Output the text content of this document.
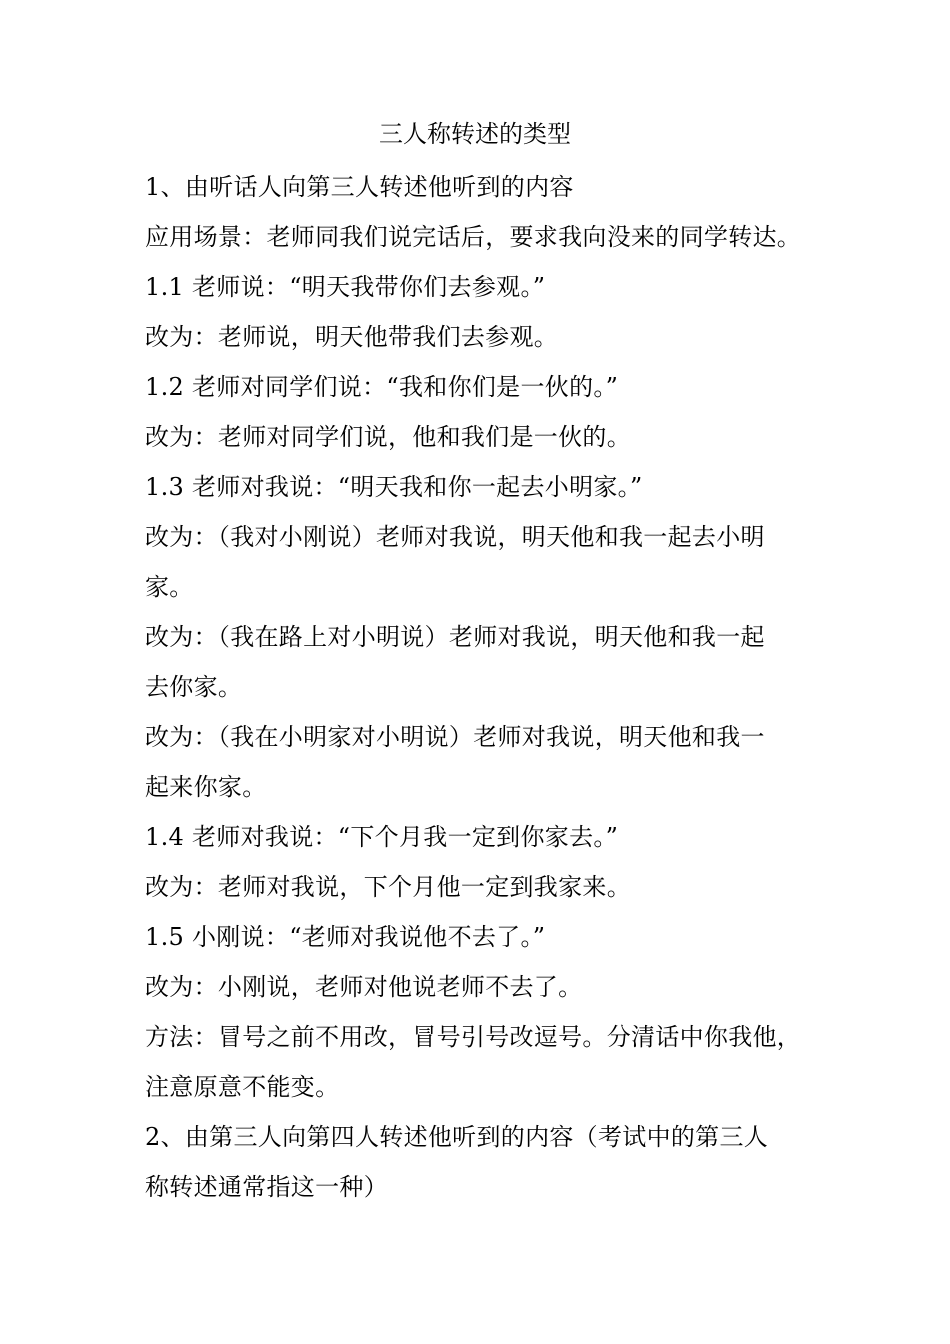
三人称转述的类型
1、由听话人向第三人转述他听到的内容
应用场景：老师同我们说完话后，要求我向没来的同学转达。
1.1 老师说：“明天我带你们去参观。”
改为：老师说，明天他带我们去参观。
1.2 老师对同学们说：“我和你们是一伙的。”
改为：老师对同学们说，他和我们是一伙的。
1.3 老师对我说：“明天我和你一起去小明家。”
改为：（我对小刚说）老师对我说，明天他和我一起去小明
家。
改为：（我在路上对小明说）老师对我说，明天他和我一起
去你家。
改为：（我在小明家对小明说）老师对我说，明天他和我一
起来你家。
1.4 老师对我说：“下个月我一定到你家去。”
改为：老师对我说，下个月他一定到我家来。
1.5 小刚说：“老师对我说他不去了。”
改为：小刚说，老师对他说老师不去了。
方法：冒号之前不用改，冒号引号改逗号。分清话中你我他，
注意原意不能变。
2、由第三人向第四人转述他听到的内容（考试中的第三人
称转述通常指这一种）
